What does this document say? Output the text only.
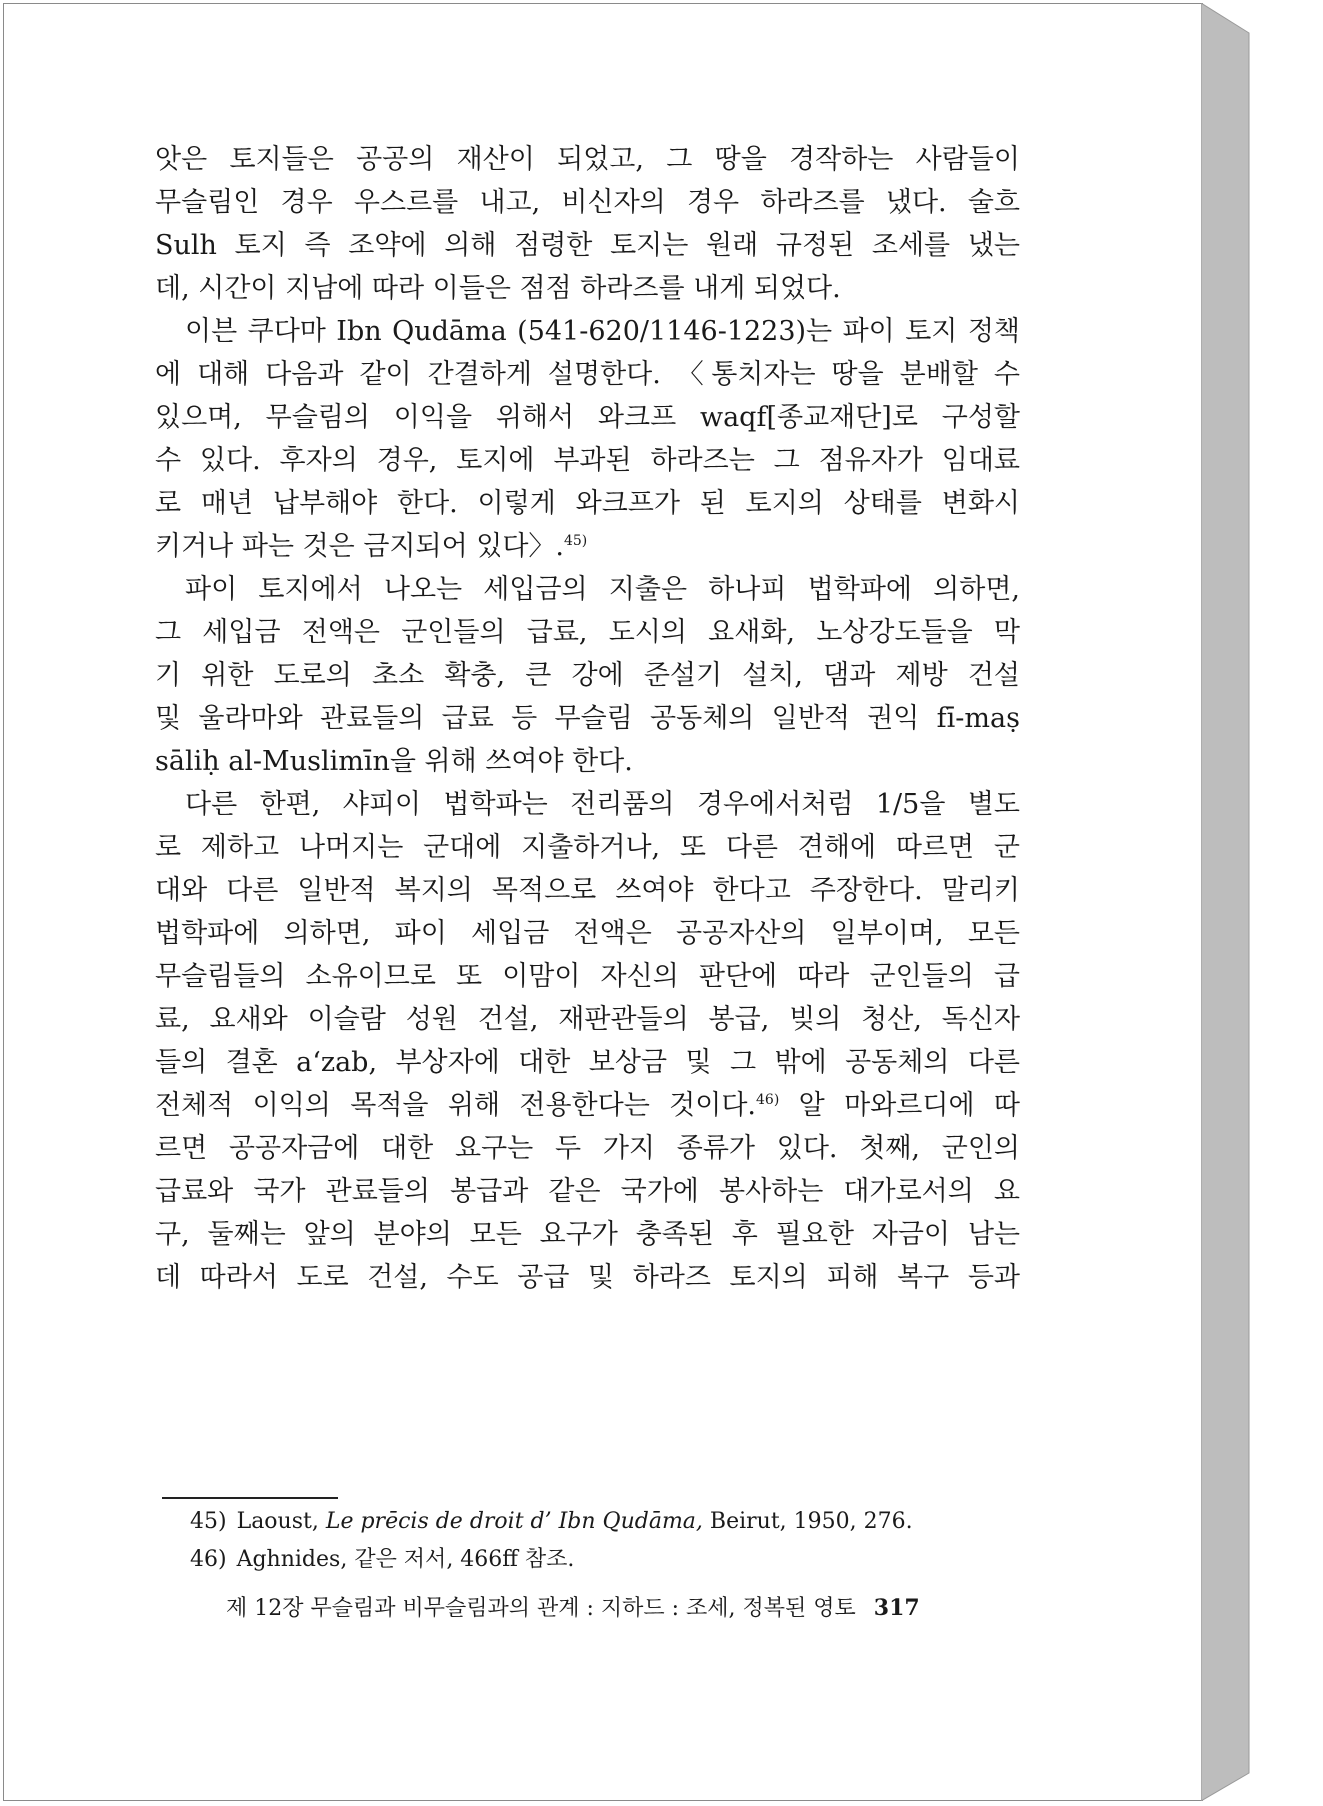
앗은 토지들은 공공의 재산이 되었고, 그 땅을 경작하는 사람들이
무슬림인 경우 우스르를 내고, 비신자의 경우 하라즈를 냈다. 술흐
Sulh 토지 즉 조약에 의해 점령한 토지는 원래 규정된 조세를 냈는
데, 시간이 지남에 따라 이들은 점점 하라즈를 내게 되었다.
이븐 쿠다마 Ibn Qudāma (541-620/1146-1223)는 파이 토지 정책
에 대해 다음과 같이 간결하게 설명한다. 〈통치자는 땅을 분배할 수
있으며, 무슬림의 이익을 위해서 와크프 waqf[종교재단]로 구성할
수 있다. 후자의 경우, 토지에 부과된 하라즈는 그 점유자가 임대료
로 매년 납부해야 한다. 이렇게 와크프가 된 토지의 상태를 변화시
키거나 파는 것은 금지되어 있다〉.$^{45)}$
파이 토지에서 나오는 세입금의 지출은 하나피 법학파에 의하면,
그 세입금 전액은 군인들의 급료, 도시의 요새화, 노상강도들을 막
기 위한 도로의 초소 확충, 큰 강에 준설기 설치, 댐과 제방 건설
및 울라마와 관료들의 급료 등 무슬림 공동체의 일반적 권익 fī-maṣ
sāliḥ al-Muslimīn을 위해 쓰여야 한다.
다른 한편, 샤피이 법학파는 전리품의 경우에서처럼 1/5을 별도
로 제하고 나머지는 군대에 지출하거나, 또 다른 견해에 따르면 군
대와 다른 일반적 복지의 목적으로 쓰여야 한다고 주장한다. 말리키
법학파에 의하면, 파이 세입금 전액은 공공자산의 일부이며, 모든
무슬림들의 소유이므로 또 이맘이 자신의 판단에 따라 군인들의 급
료, 요새와 이슬람 성원 건설, 재판관들의 봉급, 빚의 청산, 독신자
들의 결혼 a‘zab, 부상자에 대한 보상금 및 그 밖에 공동체의 다른
전체적 이익의 목적을 위해 전용한다는 것이다.$^{46)}$ 알 마와르디에 따
르면 공공자금에 대한 요구는 두 가지 종류가 있다. 첫째, 군인의
급료와 국가 관료들의 봉급과 같은 국가에 봉사하는 대가로서의 요
구, 둘째는 앞의 분야의 모든 요구가 충족된 후 필요한 자금이 남는
데 따라서 도로 건설, 수도 공급 및 하라즈 토지의 피해 복구 등과
45) Laoust, Le prēcis de droit d’ Ibn Qudāma, Beirut, 1950, 276.
46) Aghnides, 같은 저서, 466ff 참조.
제 12장 무슬림과 비무슬림과의 관계 : 지하드 : 조세, 정복된 영토 317
